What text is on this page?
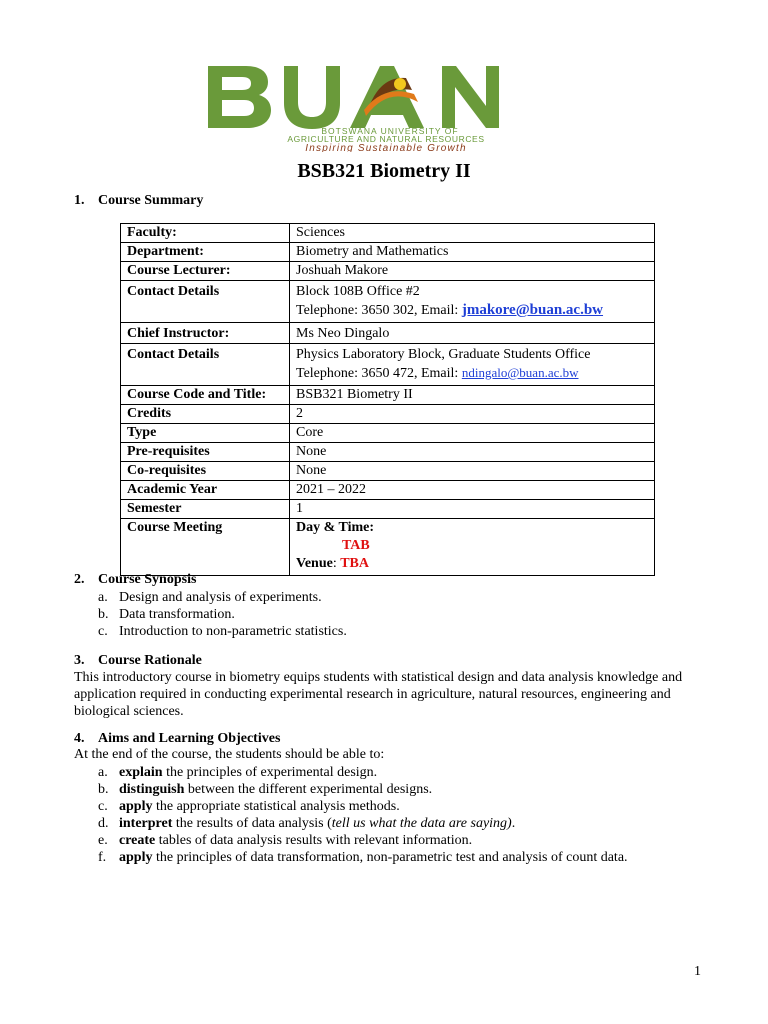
BOTSWANA UNIVERSITY OF
AGRICULTURE AND NATURAL RESOURCES
Inspiring Sustainable Growth
BSB321 Biometry II
1. Course Summary
Faculty:	Sciences
Department:	Biometry and Mathematics
Course Lecturer:	Joshuah Makore
Contact Details	Block 108B Office #2
Telephone: 3650 302, Email: jmakore@buan.ac.bw

Chief Instructor:	Ms Neo Dingalo
Contact Details	Physics Laboratory Block, Graduate Students Office
Telephone: 3650 472, Email: ndingalo@buan.ac.bw

Course Code and Title:	BSB321 Biometry II
Credits	2
Type	Core
Pre-requisites	None
Co-requisites	None
Academic Year	2021 – 2022
Semester	1
Course Meeting	Day & Time:
TAB
Venue: TBA
2. Course Synopsis
a. Design and analysis of experiments.
b. Data transformation.
c. Introduction to non-parametric statistics.
3. Course Rationale
This introductory course in biometry equips students with statistical design and data analysis knowledge and application required in conducting experimental research in agriculture, natural resources, engineering and biological sciences.
4. Aims and Learning Objectives
At the end of the course, the students should be able to:
a. explain the principles of experimental design.
b. distinguish between the different experimental designs.
c. apply the appropriate statistical analysis methods.
d. interpret the results of data analysis (tell us what the data are saying).
e. create tables of data analysis results with relevant information.
f. apply the principles of data transformation, non-parametric test and analysis of count data.
1
